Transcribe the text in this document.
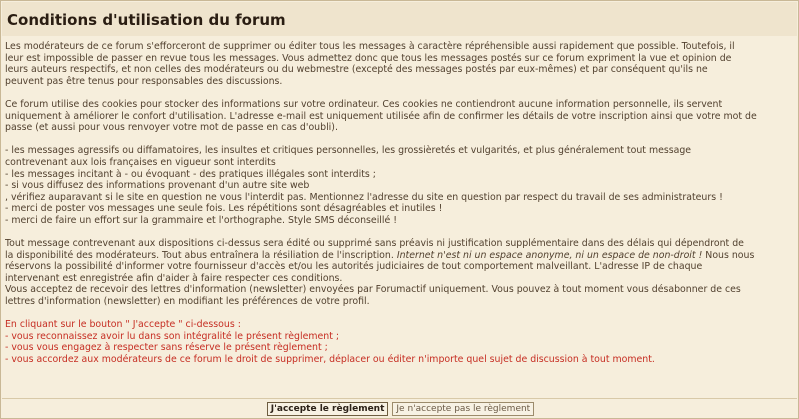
Conditions d'utilisation du forum
Les modérateurs de ce forum s'efforceront de supprimer ou éditer tous les messages à caractère répréhensible aussi rapidement que possible. Toutefois, il
leur est impossible de passer en revue tous les messages. Vous admettez donc que tous les messages postés sur ce forum expriment la vue et opinion de
leurs auteurs respectifs, et non celles des modérateurs ou du webmestre (excepté des messages postés par eux-mêmes) et par conséquent qu'ils ne
peuvent pas être tenus pour responsables des discussions.
Ce forum utilise des cookies pour stocker des informations sur votre ordinateur. Ces cookies ne contiendront aucune information personnelle, ils servent
uniquement à améliorer le confort d'utilisation. L'adresse e-mail est uniquement utilisée afin de confirmer les détails de votre inscription ainsi que votre mot de
passe (et aussi pour vous renvoyer votre mot de passe en cas d'oubli).
- les messages agressifs ou diffamatoires, les insultes et critiques personnelles, les grossièretés et vulgarités, et plus généralement tout message
contrevenant aux lois françaises en vigueur sont interdits
- les messages incitant à - ou évoquant - des pratiques illégales sont interdits ;
- si vous diffusez des informations provenant d'un autre site web
, vérifiez auparavant si le site en question ne vous l'interdit pas. Mentionnez l'adresse du site en question par respect du travail de ses administrateurs !
- merci de poster vos messages une seule fois. Les répétitions sont désagréables et inutiles !
- merci de faire un effort sur la grammaire et l'orthographe. Style SMS déconseillé !
Tout message contrevenant aux dispositions ci-dessus sera édité ou supprimé sans préavis ni justification supplémentaire dans des délais qui dépendront de
la disponibilité des modérateurs. Tout abus entraînera la résiliation de l'inscription. Internet n'est ni un espace anonyme, ni un espace de non-droit ! Nous nous
réservons la possibilité d'informer votre fournisseur d'accès et/ou les autorités judiciaires de tout comportement malveillant. L'adresse IP de chaque
intervenant est enregistrée afin d'aider à faire respecter ces conditions.
Vous acceptez de recevoir des lettres d'information (newsletter) envoyées par Forumactif uniquement. Vous pouvez à tout moment vous désabonner de ces
lettres d'information (newsletter) en modifiant les préférences de votre profil.
En cliquant sur le bouton " J'accepte " ci-dessous :
- vous reconnaissez avoir lu dans son intégralité le présent règlement ;
- vous vous engagez à respecter sans réserve le présent règlement ;
- vous accordez aux modérateurs de ce forum le droit de supprimer, déplacer ou éditer n'importe quel sujet de discussion à tout moment.
J'accepte le règlement Je n'accepte pas le règlement
